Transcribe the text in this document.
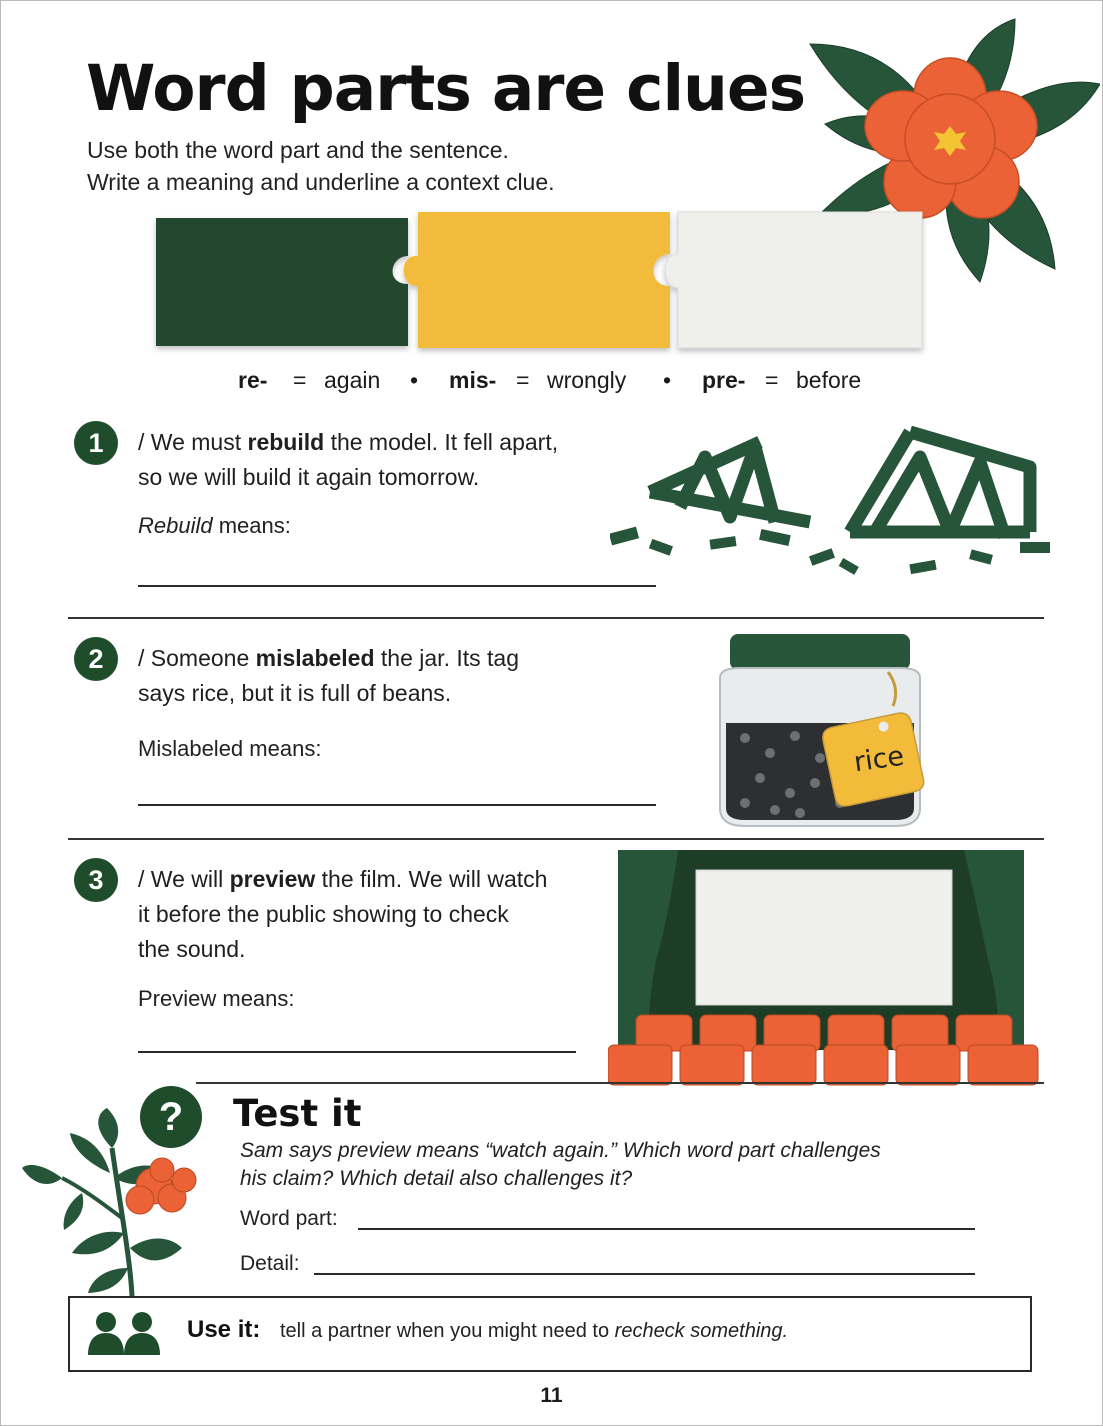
Word parts are clues
Use both the word part and the sentence.
Write a meaning and underline a context clue.
re- = again • mis- = wrongly • pre- = before
1	/ We must rebuild the model. It fell apart,
so we will build it again tomorrow.
Rebuild means:
2	/ Someone mislabeled the jar. Its tag
says rice, but it is full of beans.
Mislabeled means:	rice
3	/ We will preview the film. We will watch
it before the public showing to check
the sound.
Preview means:
?	Test it
Sam says preview means “watch again.” Which word part challenges
his claim? Which detail also challenges it?
Word part:
Detail:
Use it: tell a partner when you might need to recheck something.
11
